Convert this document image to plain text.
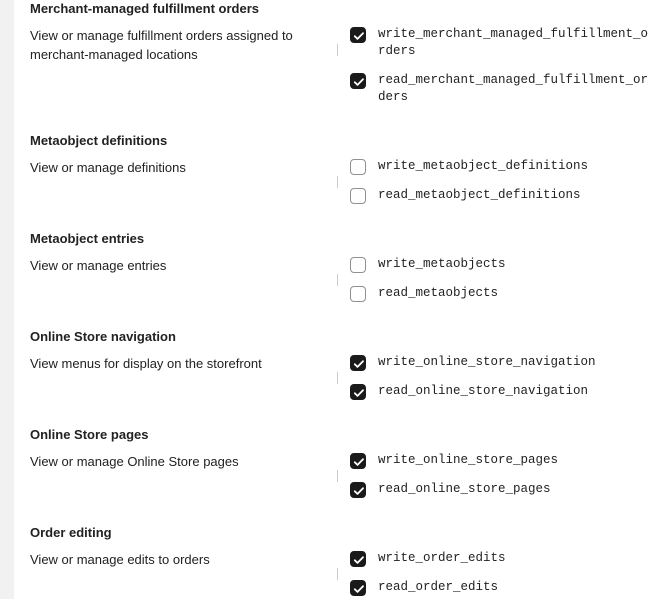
Merchant-managed fulfillment orders
View or manage fulfillment orders assigned to merchant-managed locations
write_merchant_managed_fulfillment_orders
read_merchant_managed_fulfillment_orders
Metaobject definitions
View or manage definitions	write_metaobject_definitions
read_metaobject_definitions
Metaobject entries
View or manage entries	write_metaobjects
read_metaobjects
Online Store navigation
View menus for display on the storefront	write_online_store_navigation
read_online_store_navigation
Online Store pages
View or manage Online Store pages	write_online_store_pages
read_online_store_pages
Order editing
View or manage edits to orders	write_order_edits
read_order_edits
